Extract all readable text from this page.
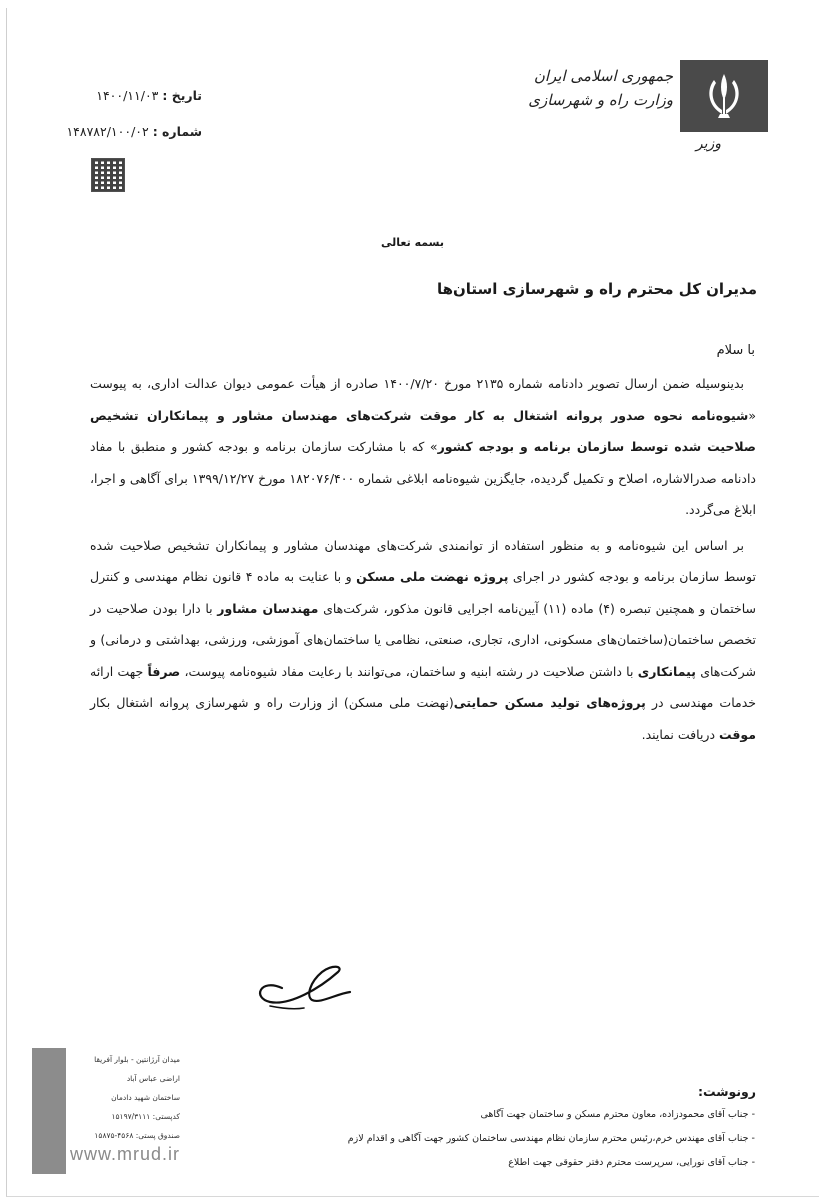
جمهوری اسلامی ایران
وزارت راه و شهرسازی
وزیر
تاریخ : ۱۴۰۰/۱۱/۰۳
شماره : ۱۴۸۷۸۲/۱۰۰/۰۲
بسمه تعالی
مدیران کل محترم راه و شهرسازی استان‌ها
با سلام

بدینوسیله ضمن ارسال تصویر دادنامه شماره ۲۱۳۵ مورخ ۱۴۰۰/۷/۲۰ صادره از هیأت عمومی دیوان عدالت اداری، به پیوست «شیوه‌نامه نحوه صدور پروانه اشتغال به کار موقت شرکت‌های مهندسان مشاور و پیمانکاران تشخیص صلاحیت شده توسط سازمان برنامه و بودجه کشور» که با مشارکت سازمان برنامه و بودجه کشور و منطبق با مفاد دادنامه صدرالاشاره، اصلاح و تکمیل گردیده، جایگزین شیوه‌نامه ابلاغی شماره ۱۸۲۰۷۶/۴۰۰ مورخ ۱۳۹۹/۱۲/۲۷ برای آگاهی و اجرا، ابلاغ می‌گردد.

بر اساس این شیوه‌نامه و به منظور استفاده از توانمندی شرکت‌های مهندسان مشاور و پیمانکاران تشخیص صلاحیت شده توسط سازمان برنامه و بودجه کشور در اجرای پروژه نهضت ملی مسکن و با عنایت به ماده ۴ قانون نظام مهندسی و کنترل ساختمان و همچنین تبصره (۴) ماده (۱۱) آیین‌نامه اجرایی قانون مذکور، شرکت‌های مهندسان مشاور با دارا بودن صلاحیت در تخصص ساختمان(ساختمان‌های مسکونی، اداری، تجاری، صنعتی، نظامی یا ساختمان‌های آموزشی، ورزشی، بهداشتی و درمانی) و شرکت‌های پیمانکاری با داشتن صلاحیت در رشته ابنیه و ساختمان، می‌توانند با رعایت مفاد شیوه‌نامه پیوست، صرفاً جهت ارائه خدمات مهندسی در پروژه‌های تولید مسکن حمایتی(نهضت ملی مسکن) از وزارت راه و شهرسازی پروانه اشتغال بکار موقت دریافت نمایند.

میدان آرژانتین - بلوار آفریقا
اراضی عباس آباد
ساختمان شهید دادمان
کدپستی: ۱۵۱۹۷/۳۱۱۱
صندوق پستی: ۴۵۶۸-۱۵۸۷۵
www.mrud.ir
رونوشت:
- جناب آقای محمودزاده، معاون محترم مسکن و ساختمان جهت آگاهی
- جناب آقای مهندس خرم،رئیس محترم سازمان نظام مهندسی ساختمان کشور جهت آگاهی و اقدام لازم
- جناب آقای نورایی، سرپرست محترم دفتر حقوقی جهت اطلاع
